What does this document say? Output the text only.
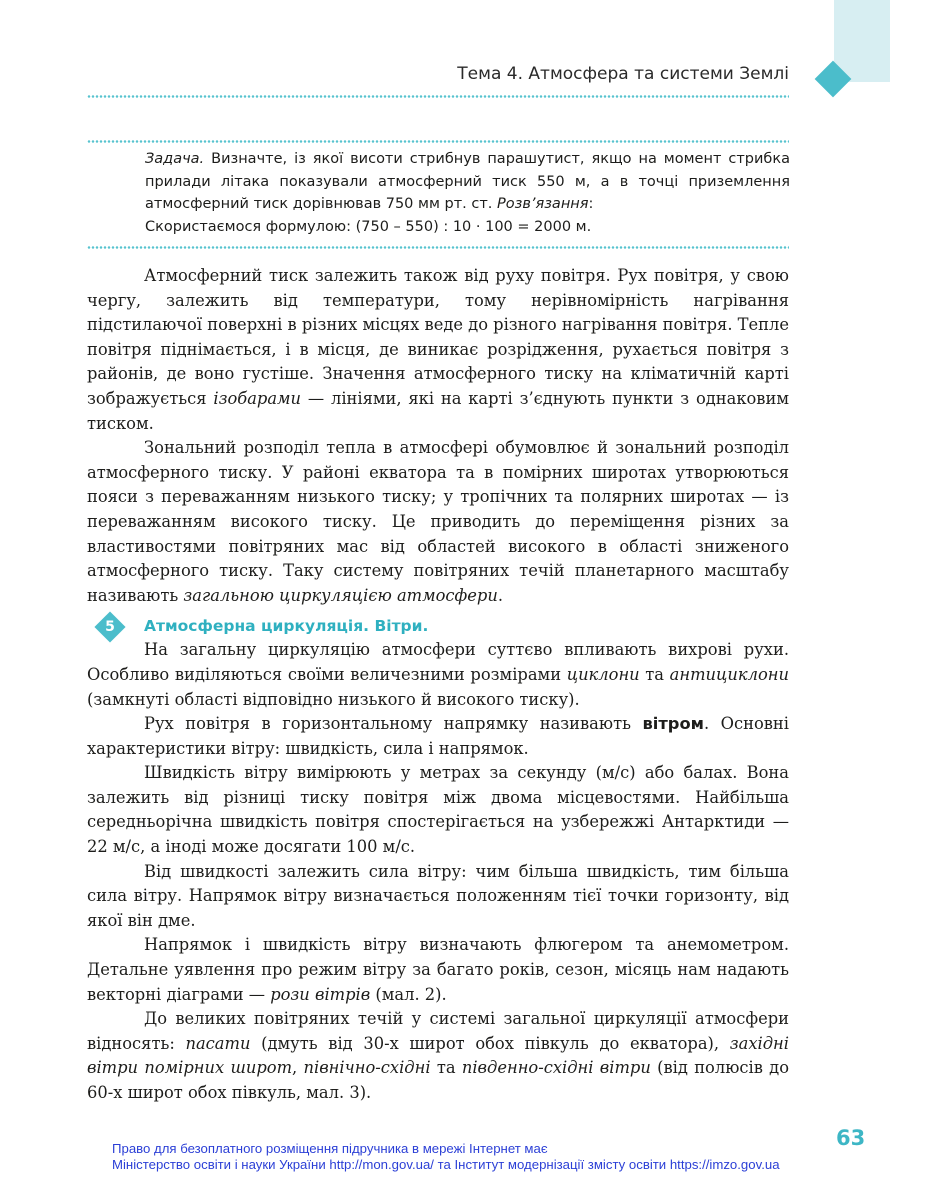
Тема 4. Атмосфера та системи Землі

Задача. Визначте, із якої висоти стрибнув парашутист, якщо на момент стрибка прилади літака показували атмосферний тиск 550 м, а в точці приземлення атмосферний тиск дорівнював 750 мм рт. ст. Розв’язання:

Скористаємося формулою: (750 – 550) : 10 · 100 = 2000 м.

Атмосферний тиск залежить також від руху повітря. Рух повітря, у свою чергу, залежить від температури, тому нерівномірність нагрівання підстилаючої поверхні в різних місцях веде до різного нагрівання повітря. Тепле повітря піднімається, і в місця, де виникає розрідження, рухається повітря з районів, де воно густіше. Значення атмосферного тиску на кліматичній карті зображується ізобарами — лініями, які на карті з’єднують пункти з однаковим тиском.

Зональний розподіл тепла в атмосфері обумовлює й зональний розподіл атмосферного тиску. У районі екватора та в помірних широтах утворюються пояси з переважанням низького тиску; у тропічних та полярних широтах — із переважанням високого тиску. Це приводить до переміщення різних за властивостями повітряних мас від областей високого в області зниженого атмосферного тиску. Таку систему повітряних течій планетарного масштабу називають загальною циркуляцією атмосфери.

5	Атмосферна циркуляція. Вітри.

На загальну циркуляцію атмосфери суттєво впливають вихрові рухи. Особливо виділяються своїми величезними розмірами циклони та антициклони (замкнуті області відповідно низького й високого тиску).

Рух повітря в горизонтальному напрямку називають вітром. Основні характеристики вітру: швидкість, сила і напрямок.

Швидкість вітру вимірюють у метрах за секунду (м/с) або балах. Вона залежить від різниці тиску повітря між двома місцевостями. Найбільша середньорічна швидкість повітря спостерігається на узбережжі Антарктиди — 22 м/с, а іноді може досягати 100 м/с.

Від швидкості залежить сила вітру: чим більша швидкість, тим більша сила вітру. Напрямок вітру визначається положенням тієї точки горизонту, від якої він дме.

Напрямок і швидкість вітру визначають флюгером та анемометром. Детальне уявлення про режим вітру за багато років, сезон, місяць нам надають векторні діаграми — рози вітрів (мал. 2).

До великих повітряних течій у системі загальної циркуляції атмосфери відносять: пасати (дмуть від 30-х широт обох півкуль до екватора), західні вітри помірних широт, північно-східні та південно-східні вітри (від полюсів до 60-х широт обох півкуль, мал. 3).

63
Право для безоплатного розміщення підручника в мережі Інтернет має
Міністерство освіти і науки України http://mon.gov.ua/ та Інститут модернізації змісту освіти https://imzo.gov.ua
